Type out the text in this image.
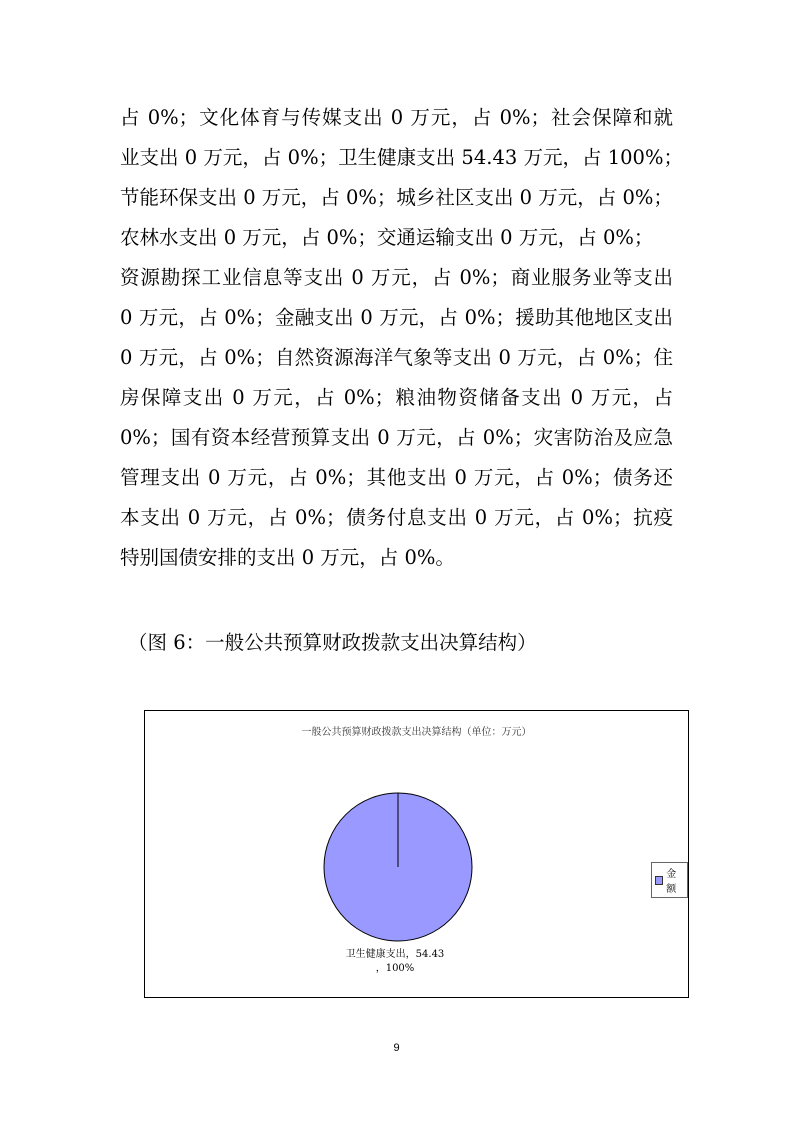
占 0%；文化体育与传媒支出 0 万元，占 0%；社会保障和就
业支出 0 万元，占 0%；卫生健康支出 54.43 万元，占 100%；
节能环保支出 0 万元，占 0%；城乡社区支出 0 万元，占 0%；
农林水支出 0 万元，占 0%；交通运输支出 0 万元，占 0%；
资源勘探工业信息等支出 0 万元，占 0%；商业服务业等支出
0 万元，占 0%；金融支出 0 万元，占 0%；援助其他地区支出
0 万元，占 0%；自然资源海洋气象等支出 0 万元，占 0%；住
房保障支出 0 万元，占 0%；粮油物资储备支出 0 万元，占
0%；国有资本经营预算支出 0 万元，占 0%；灾害防治及应急
管理支出 0 万元，占 0%；其他支出 0 万元，占 0%；债务还
本支出 0 万元，占 0%；债务付息支出 0 万元，占 0%；抗疫
特别国债安排的支出 0 万元，占 0%。
（图 6：一般公共预算财政拨款支出决算结构）
一般公共预算财政拨款支出决算结构（单位：万元）
卫生健康支出，54.43
，100%
金额
9
